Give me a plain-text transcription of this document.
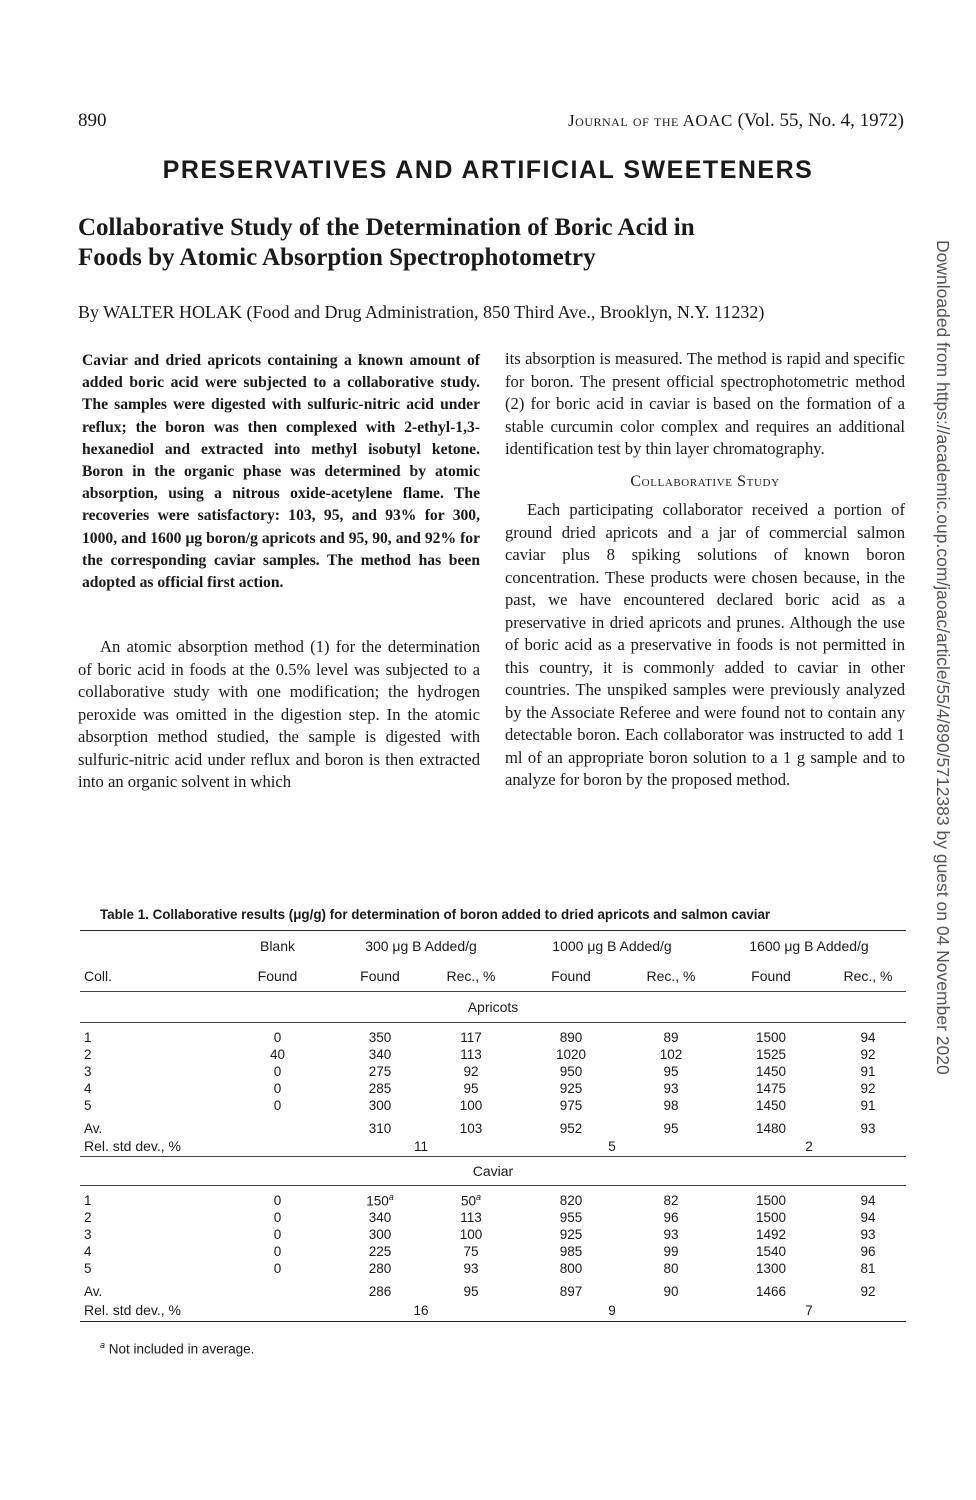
890	Journal of the AOAC (Vol. 55, No. 4, 1972)
PRESERVATIVES AND ARTIFICIAL SWEETENERS
Collaborative Study of the Determination of Boric Acid in
Foods by Atomic Absorption Spectrophotometry
By WALTER HOLAK (Food and Drug Administration, 850 Third Ave., Brooklyn, N.Y. 11232)

Caviar and dried apricots containing a known amount of added boric acid were subjected to a collaborative study. The samples were digested with sulfuric-nitric acid under reflux; the boron was then complexed with 2-ethyl-1,3-hexanediol and extracted into methyl isobutyl ketone. Boron in the organic phase was determined by atomic absorption, using a nitrous oxide-acetylene flame. The recoveries were satisfactory: 103, 95, and 93% for 300, 1000, and 1600 μg boron/g apricots and 95, 90, and 92% for the corresponding caviar samples. The method has been adopted as official first action.

An atomic absorption method (1) for the determination of boric acid in foods at the 0.5% level was subjected to a collaborative study with one modification; the hydrogen peroxide was omitted in the digestion step. In the atomic absorption method studied, the sample is digested with sulfuric-nitric acid under reflux and boron is then extracted into an organic solvent in which

its absorption is measured. The method is rapid and specific for boron. The present official spectrophotometric method (2) for boric acid in caviar is based on the formation of a stable curcumin color complex and requires an additional identification test by thin layer chromatography.

Collaborative Study

Each participating collaborator received a portion of ground dried apricots and a jar of commercial salmon caviar plus 8 spiking solutions of known boron concentration. These products were chosen because, in the past, we have encountered declared boric acid as a preservative in dried apricots and prunes. Although the use of boric acid as a preservative in foods is not permitted in this country, it is commonly added to caviar in other countries. The unspiked samples were previously analyzed by the Associate Referee and were found not to contain any detectable boron. Each collaborator was instructed to add 1 ml of an appropriate boron solution to a 1 g sample and to analyze for boron by the proposed method.	Downloaded from https://academic.oup.com/jaoac/article/55/4/890/5712383 by guest on 04 November 2020
Table 1. Collaborative results (μg/g) for determination of boron added to dried apricots and salmon caviar
	Blank	300 μg B Added/g		1000 μg B Added/g		1600 μg B Added/g	
Coll.	Found	Found	Rec., %	Found	Rec., %	Found	Rec., %
Apricots							

1	0	350	117	890	89	1500	94
2	40	340	113	1020	102	1525	92
3	0	275	92	950	95	1450	91
4	0	285	95	925	93	1475	92
5	0	300	100	975	98	1450	91
Av.		310	103	952	95	1480	93
Rel. std dev., %		11		5		2	
Caviar							

1	0	150$^a$	50$^a$	820	82	1500	94
2	0	340	113	955	96	1500	94
3	0	300	100	925	93	1492	93
4	0	225	75	985	99	1540	96
5	0	280	93	800	80	1300	81
Av.		286	95	897	90	1466	92
Rel. std dev., %		16		9		7	
$^a$ Not included in average.
